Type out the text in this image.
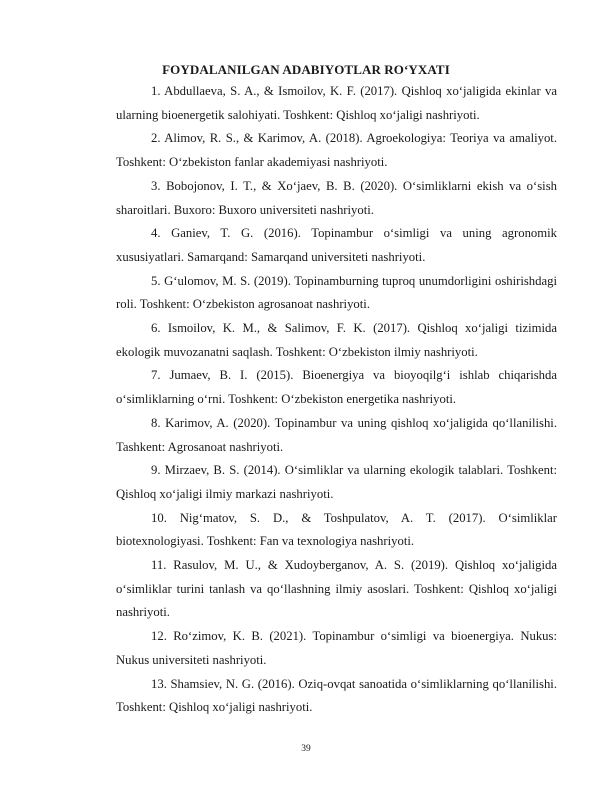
FOYDALANILGAN ADABIYOTLAR RO‘YXATI

1. Abdullaeva, S. A., & Ismoilov, K. F. (2017). Qishloq xo‘jaligida ekinlar va ularning bioenergetik salohiyati. Toshkent: Qishloq xo‘jaligi nashriyoti.

2. Alimov, R. S., & Karimov, A. (2018). Agroekologiya: Teoriya va amaliyot. Toshkent: O‘zbekiston fanlar akademiyasi nashriyoti.

3. Bobojonov, I. T., & Xo‘jaev, B. B. (2020). O‘simliklarni ekish va o‘sish sharoitlari. Buxoro: Buxoro universiteti nashriyoti.

4. Ganiev, T. G. (2016). Topinambur o‘simligi va uning agronomik xususiyatlari. Samarqand: Samarqand universiteti nashriyoti.

5. G‘ulomov, M. S. (2019). Topinamburning tuproq unumdorligini oshirishdagi roli. Toshkent: O‘zbekiston agrosanoat nashriyoti.

6. Ismoilov, K. M., & Salimov, F. K. (2017). Qishloq xo‘jaligi tizimida ekologik muvozanatni saqlash. Toshkent: O‘zbekiston ilmiy nashriyoti.

7. Jumaev, B. I. (2015). Bioenergiya va bioyoqilg‘i ishlab chiqarishda o‘simliklarning o‘rni. Toshkent: O‘zbekiston energetika nashriyoti.

8. Karimov, A. (2020). Topinambur va uning qishloq xo‘jaligida qo‘llanilishi. Tashkent: Agrosanoat nashriyoti.

9. Mirzaev, B. S. (2014). O‘simliklar va ularning ekologik talablari. Toshkent: Qishloq xo‘jaligi ilmiy markazi nashriyoti.

10. Nig‘matov, S. D., & Toshpulatov, A. T. (2017). O‘simliklar biotexnologiyasi. Toshkent: Fan va texnologiya nashriyoti.

11. Rasulov, M. U., & Xudoyberganov, A. S. (2019). Qishloq xo‘jaligida o‘simliklar turini tanlash va qo‘llashning ilmiy asoslari. Toshkent: Qishloq xo‘jaligi nashriyoti.

12. Ro‘zimov, K. B. (2021). Topinambur o‘simligi va bioenergiya. Nukus: Nukus universiteti nashriyoti.

13. Shamsiev, N. G. (2016). Oziq-ovqat sanoatida o‘simliklarning qo‘llanilishi. Toshkent: Qishloq xo‘jaligi nashriyoti.

39
